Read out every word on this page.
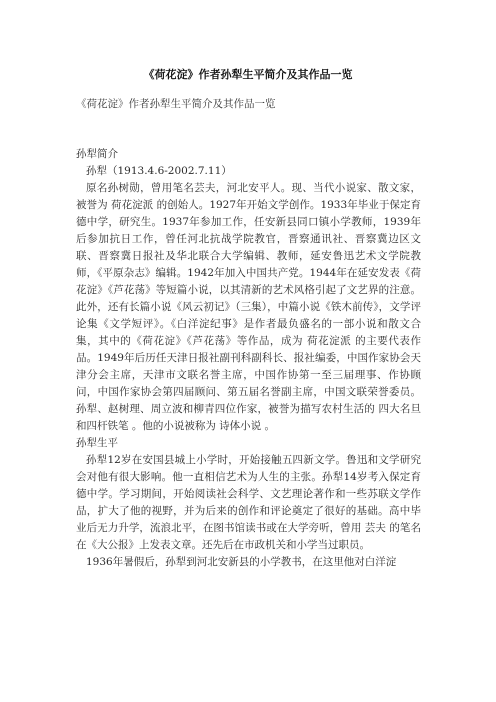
《荷花淀》作者孙犁生平简介及其作品一览
《荷花淀》作者孙犁生平简介及其作品一览

孙犁简介

孙犁（1913.4.6-2002.7.11）

原名孙树勋，曾用笔名芸夫，河北安平人。现、当代小说家、散文家，被誉为 荷花淀派 的创始人。1927年开始文学创作。1933年毕业于保定育德中学，研究生。1937年参加工作，任安新县同口镇小学教师，1939年后参加抗日工作，曾任河北抗战学院教官，晋察通讯社、晋察冀边区文联、晋察冀日报社及华北联合大学编辑、教师，延安鲁迅艺术文学院教师，《平原杂志》编辑。1942年加入中国共产党。1944年在延安发表《荷花淀》《芦花荡》等短篇小说，以其清新的艺术风格引起了文艺界的注意。此外，还有长篇小说《风云初记》（三集），中篇小说《铁木前传》，文学评论集《文学短评》。《白洋淀纪事》是作者最负盛名的一部小说和散文合集，其中的《荷花淀》《芦花荡》等作品，成为 荷花淀派 的主要代表作品。1949年后历任天津日报社副刊科副科长、报社编委，中国作家协会天津分会主席，天津市文联名誉主席，中国作协第一至三届理事、作协顾问，中国作家协会第四届顾问、第五届名誉副主席，中国文联荣誉委员。孙犁、赵树理、周立波和柳青四位作家，被誉为描写农村生活的 四大名旦 和四杆铁笔 。他的小说被称为 诗体小说 。

孙犁生平

孙犁12岁在安国县城上小学时，开始接触五四新文学。鲁迅和文学研究会对他有很大影响。他一直相信艺术为人生的主张。孙犁14岁考入保定育德中学。学习期间，开始阅读社会科学、文艺理论著作和一些苏联文学作品，扩大了他的视野，并为后来的创作和评论奠定了很好的基础。高中毕业后无力升学，流浪北平，在图书馆读书或在大学旁听，曾用 芸夫 的笔名在《大公报》上发表文章。还先后在市政机关和小学当过职员。

1936年暑假后，孙犁到河北安新县的小学教书，在这里他对白洋淀
